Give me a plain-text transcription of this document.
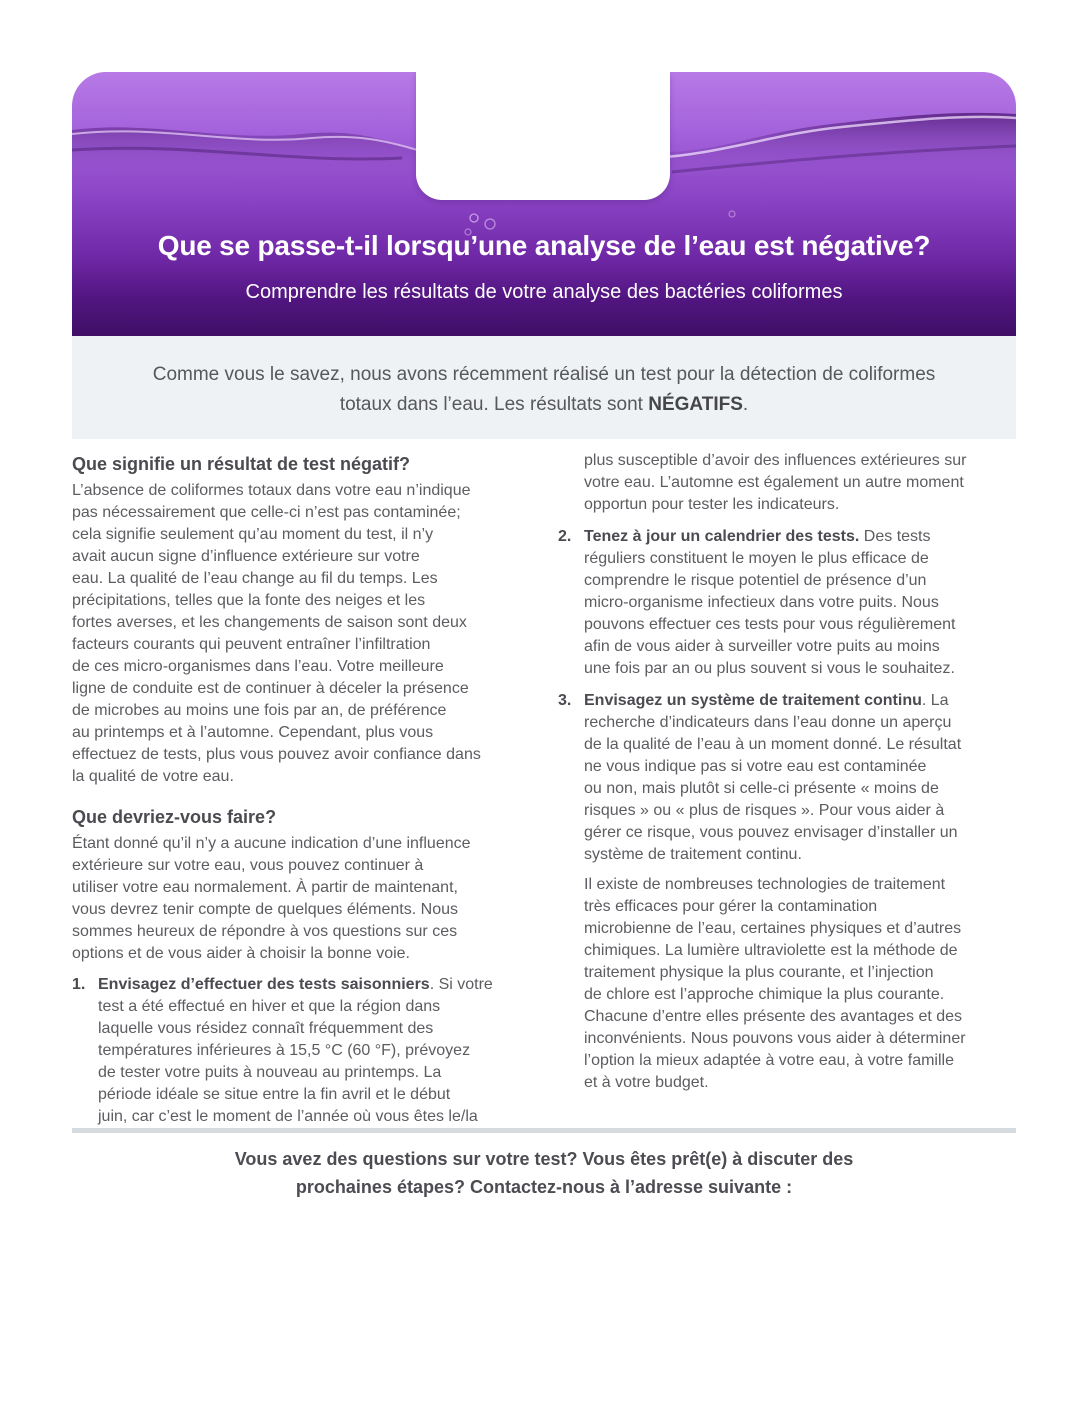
Que se passe-t-il lorsqu’une analyse de l’eau est négative?
Comprendre les résultats de votre analyse des bactéries coliformes
Comme vous le savez, nous avons récemment réalisé un test pour la détection de coliformes
totaux dans l’eau. Les résultats sont NÉGATIFS.
Que signifie un résultat de test négatif?
L’absence de coliformes totaux dans votre eau n’indique
pas nécessairement que celle-ci n’est pas contaminée;
cela signifie seulement qu’au moment du test, il n’y
avait aucun signe d’influence extérieure sur votre
eau. La qualité de l’eau change au fil du temps. Les
précipitations, telles que la fonte des neiges et les
fortes averses, et les changements de saison sont deux
facteurs courants qui peuvent entraîner l’infiltration
de ces micro-organismes dans l’eau. Votre meilleure
ligne de conduite est de continuer à déceler la présence
de microbes au moins une fois par an, de préférence
au printemps et à l’automne. Cependant, plus vous
effectuez de tests, plus vous pouvez avoir confiance dans
la qualité de votre eau.
Que devriez-vous faire?
Étant donné qu’il n’y a aucune indication d’une influence
extérieure sur votre eau, vous pouvez continuer à
utiliser votre eau normalement. À partir de maintenant,
vous devrez tenir compte de quelques éléments. Nous
sommes heureux de répondre à vos questions sur ces
options et de vous aider à choisir la bonne voie.
1. Envisagez d’effectuer des tests saisonniers. Si votre
test a été effectué en hiver et que la région dans
laquelle vous résidez connaît fréquemment des
températures inférieures à 15,5 °C (60 °F), prévoyez
de tester votre puits à nouveau au printemps. La
période idéale se situe entre la fin avril et le début
juin, car c’est le moment de l’année où vous êtes le/la
plus susceptible d’avoir des influences extérieures sur
votre eau. L’automne est également un autre moment
opportun pour tester les indicateurs.
2. Tenez à jour un calendrier des tests. Des tests
réguliers constituent le moyen le plus efficace de
comprendre le risque potentiel de présence d’un
micro-organisme infectieux dans votre puits. Nous
pouvons effectuer ces tests pour vous régulièrement
afin de vous aider à surveiller votre puits au moins
une fois par an ou plus souvent si vous le souhaitez.
3. Envisagez un système de traitement continu. La
recherche d’indicateurs dans l’eau donne un aperçu
de la qualité de l’eau à un moment donné. Le résultat
ne vous indique pas si votre eau est contaminée
ou non, mais plutôt si celle-ci présente « moins de
risques » ou « plus de risques ». Pour vous aider à
gérer ce risque, vous pouvez envisager d’installer un
système de traitement continu.
Il existe de nombreuses technologies de traitement
très efficaces pour gérer la contamination
microbienne de l’eau, certaines physiques et d’autres
chimiques. La lumière ultraviolette est la méthode de
traitement physique la plus courante, et l’injection
de chlore est l’approche chimique la plus courante.
Chacune d’entre elles présente des avantages et des
inconvénients. Nous pouvons vous aider à déterminer
l’option la mieux adaptée à votre eau, à votre famille
et à votre budget.
Vous avez des questions sur votre test? Vous êtes prêt(e) à discuter des
prochaines étapes? Contactez-nous à l’adresse suivante :
